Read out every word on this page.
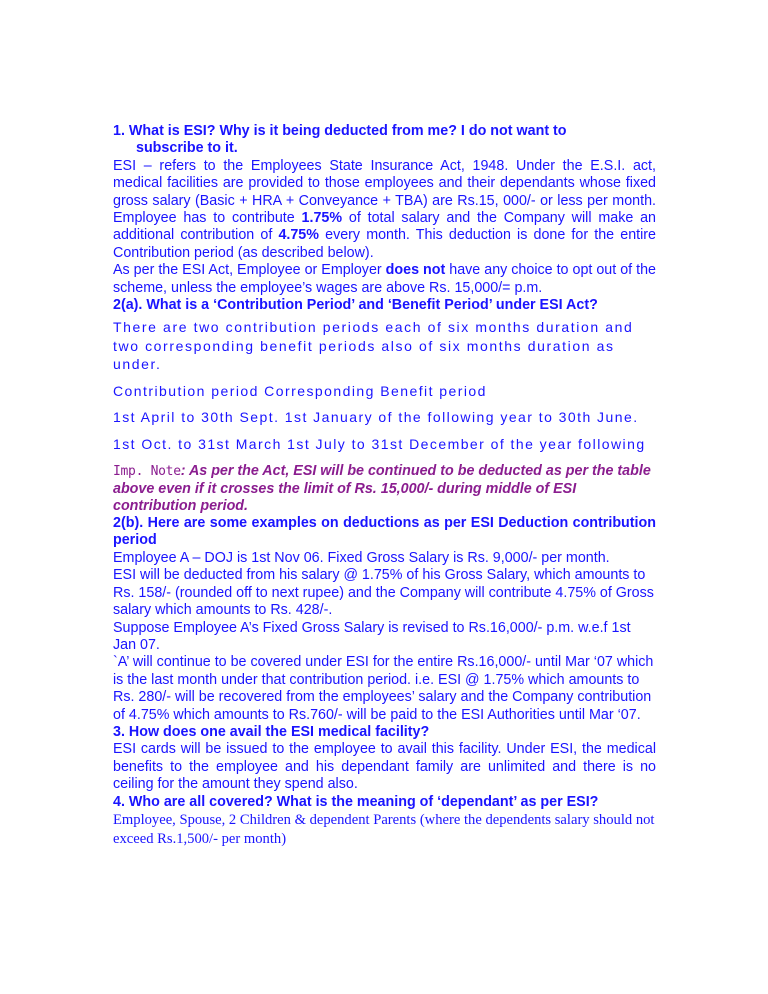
1. What is ESI? Why is it being deducted from me? I do not want to
subscribe to it.

ESI – refers to the Employees State Insurance Act, 1948. Under the E.S.I. act, medical facilities are provided to those employees and their dependants whose fixed gross salary (Basic + HRA + Conveyance + TBA) are Rs.15, 000/- or less per month. Employee has to contribute 1.75% of total salary and the Company will make an additional contribution of 4.75% every month. This deduction is done for the entire Contribution period (as described below).

As per the ESI Act, Employee or Employer does not have any choice to opt out of the scheme, unless the employee’s wages are above Rs. 15,000/= p.m.

2(a). What is a ‘Contribution Period’ and ‘Benefit Period’ under ESI Act?

There are two contribution periods each of six months duration and two corresponding benefit periods also of six months duration as under.

Contribution period Corresponding Benefit period

1st April to 30th Sept. 1st January of the following year to 30th June.

1st Oct. to 31st March 1st July to 31st December of the year following

Imp. Note: As per the Act, ESI will be continued to be deducted as per the table above even if it crosses the limit of Rs. 15,000/- during middle of ESI contribution period.

2(b). Here are some examples on deductions as per ESI Deduction contribution period

Employee A – DOJ is 1st Nov 06. Fixed Gross Salary is Rs. 9,000/- per month.

ESI will be deducted from his salary @ 1.75% of his Gross Salary, which amounts to Rs. 158/- (rounded off to next rupee) and the Company will contribute 4.75% of Gross salary which amounts to Rs. 428/-.

Suppose Employee A’s Fixed Gross Salary is revised to Rs.16,000/- p.m. w.e.f 1st Jan 07.

`A’ will continue to be covered under ESI for the entire Rs.16,000/- until Mar ‘07 which is the last month under that contribution period. i.e. ESI @ 1.75% which amounts to Rs. 280/- will be recovered from the employees’ salary and the Company contribution of 4.75% which amounts to Rs.760/- will be paid to the ESI Authorities until Mar ‘07.

3. How does one avail the ESI medical facility?

ESI cards will be issued to the employee to avail this facility. Under ESI, the medical benefits to the employee and his dependant family are unlimited and there is no ceiling for the amount they spend also.

4. Who are all covered? What is the meaning of ‘dependant’ as per ESI?

Employee, Spouse, 2 Children & dependent Parents (where the dependents salary should not exceed Rs.1,500/- per month)
